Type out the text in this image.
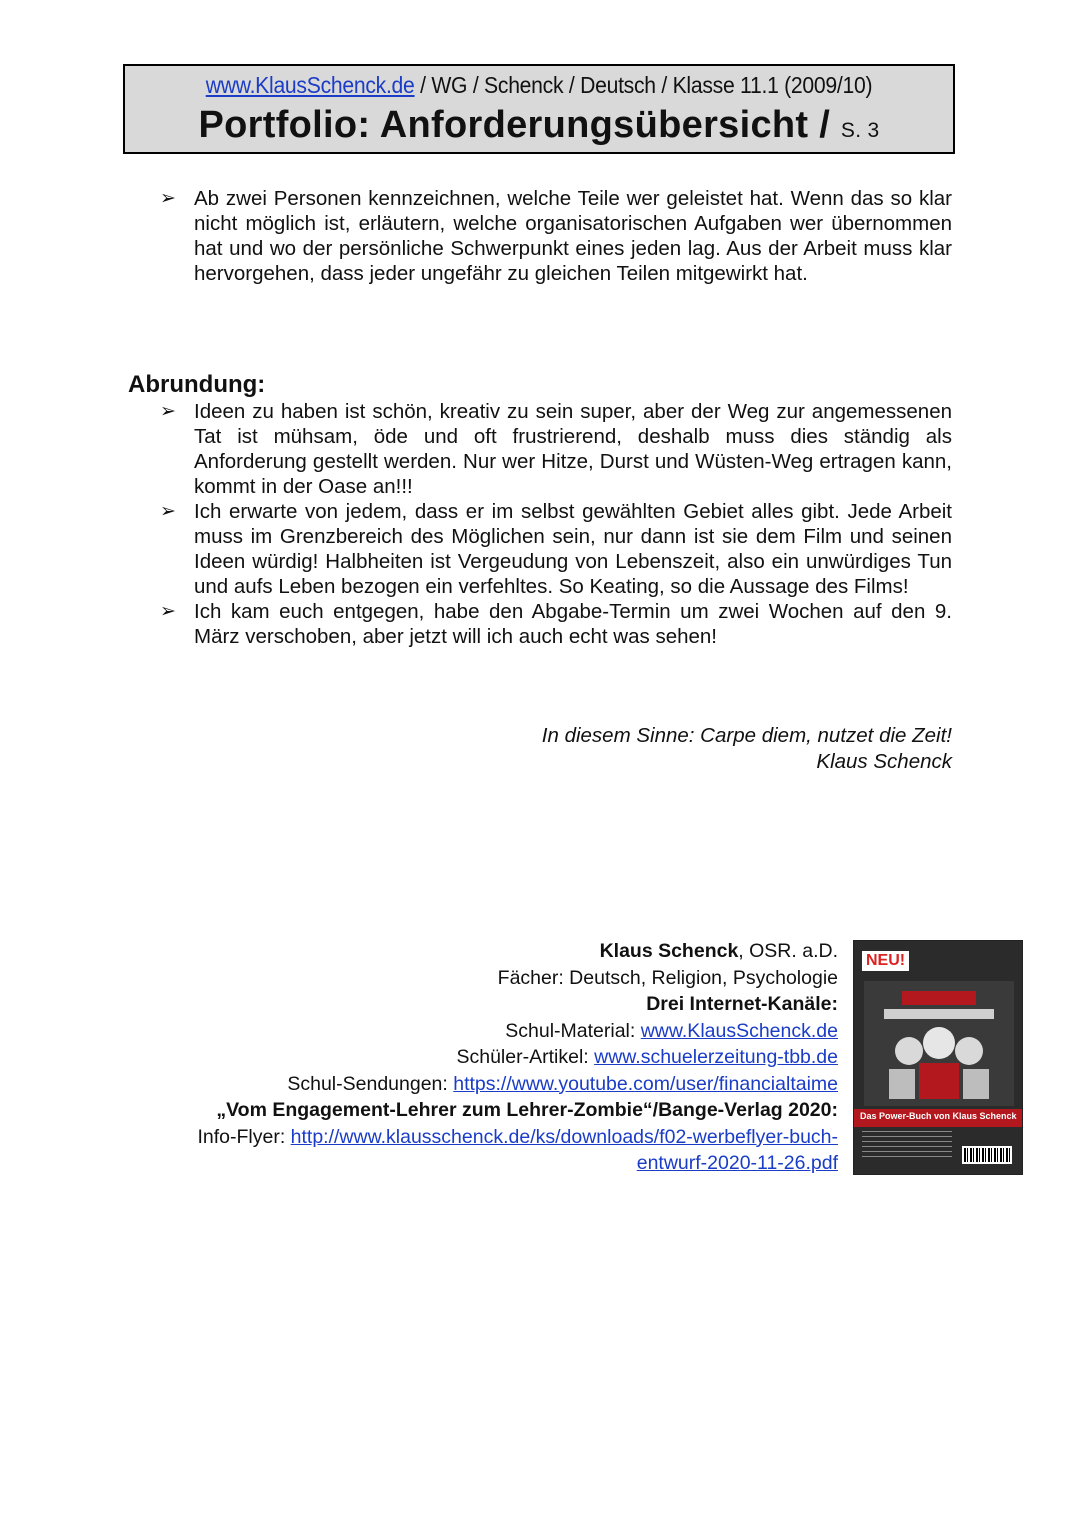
www.KlausSchenck.de / WG / Schenck / Deutsch / Klasse 11.1 (2009/10)
Portfolio: Anforderungsübersicht / S. 3
➢ Ab zwei Personen kennzeichnen, welche Teile wer geleistet hat. Wenn das so klar nicht möglich ist, erläutern, welche organisatorischen Aufgaben wer übernommen hat und wo der persönliche Schwerpunkt eines jeden lag. Aus der Arbeit muss klar hervorgehen, dass jeder ungefähr zu gleichen Teilen mitgewirkt hat.
Abrundung:
➢ Ideen zu haben ist schön, kreativ zu sein super, aber der Weg zur angemessenen Tat ist mühsam, öde und oft frustrierend, deshalb muss dies ständig als Anforderung gestellt werden. Nur wer Hitze, Durst und Wüsten-Weg ertragen kann, kommt in der Oase an!!!
➢ Ich erwarte von jedem, dass er im selbst gewählten Gebiet alles gibt. Jede Arbeit muss im Grenzbereich des Möglichen sein, nur dann ist sie dem Film und seinen Ideen würdig! Halbheiten ist Vergeudung von Lebenszeit, also ein unwürdiges Tun und aufs Leben bezogen ein verfehltes. So Keating, so die Aussage des Films!
➢ Ich kam euch entgegen, habe den Abgabe-Termin um zwei Wochen auf den 9. März verschoben, aber jetzt will ich auch echt was sehen!
In diesem Sinne: Carpe diem, nutzet die Zeit!
Klaus Schenck
Klaus Schenck, OSR. a.D.
Fächer: Deutsch, Religion, Psychologie
Drei Internet-Kanäle:
Schul-Material: www.KlausSchenck.de
Schüler-Artikel: www.schuelerzeitung-tbb.de
Schul-Sendungen: https://www.youtube.com/user/financialtaime
„Vom Engagement-Lehrer zum Lehrer-Zombie“/Bange-Verlag 2020:
Info-Flyer: http://www.klausschenck.de/ks/downloads/f02-werbeflyer-buch-
entwurf-2020-11-26.pdf
NEU!
Das Power-Buch von Klaus Schenck
